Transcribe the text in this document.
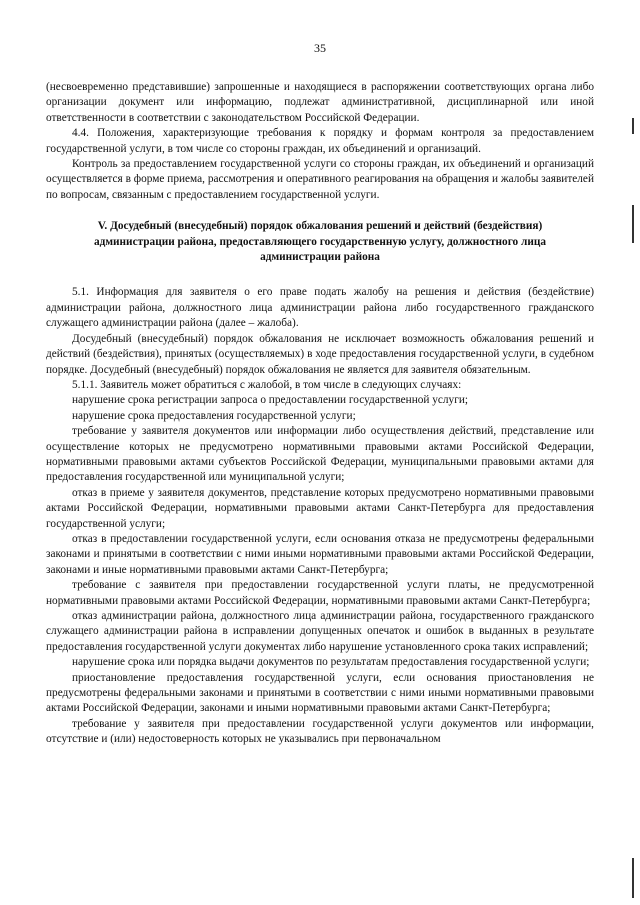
35

(несвоевременно представившие) запрошенные и находящиеся в распоряжении соответствующих органа либо организации документ или информацию, подлежат административной, дисциплинарной или иной ответственности в соответствии с законодательством Российской Федерации.

4.4. Положения, характеризующие требования к порядку и формам контроля за предоставлением государственной услуги, в том числе со стороны граждан, их объединений и организаций.

Контроль за предоставлением государственной услуги со стороны граждан, их объединений и организаций осуществляется в форме приема, рассмотрения и оперативного реагирования на обращения и жалобы заявителей по вопросам, связанным с предоставлением государственной услуги.

V. Досудебный (внесудебный) порядок обжалования решений и действий (бездействия) администрации района, предоставляющего государственную услугу, должностного лица администрации района

5.1. Информация для заявителя о его праве подать жалобу на решения и действия (бездействие) администрации района, должностного лица администрации района либо государственного гражданского служащего администрации района (далее – жалоба).

Досудебный (внесудебный) порядок обжалования не исключает возможность обжалования решений и действий (бездействия), принятых (осуществляемых) в ходе предоставления государственной услуги, в судебном порядке. Досудебный (внесудебный) порядок обжалования не является для заявителя обязательным.

5.1.1. Заявитель может обратиться с жалобой, в том числе в следующих случаях:

нарушение срока регистрации запроса о предоставлении государственной услуги;

нарушение срока предоставления государственной услуги;

требование у заявителя документов или информации либо осуществления действий, представление или осуществление которых не предусмотрено нормативными правовыми актами Российской Федерации, нормативными правовыми актами субъектов Российской Федерации, муниципальными правовыми актами для предоставления государственной или муниципальной услуги;

отказ в приеме у заявителя документов, представление которых предусмотрено нормативными правовыми актами Российской Федерации, нормативными правовыми актами Санкт-Петербурга для предоставления государственной услуги;

отказ в предоставлении государственной услуги, если основания отказа не предусмотрены федеральными законами и принятыми в соответствии с ними иными нормативными правовыми актами Российской Федерации, законами и иные нормативными правовыми актами Санкт-Петербурга;

требование с заявителя при предоставлении государственной услуги платы, не предусмотренной нормативными правовыми актами Российской Федерации, нормативными правовыми актами Санкт-Петербурга;

отказ администрации района, должностного лица администрации района, государственного гражданского служащего администрации района в исправлении допущенных опечаток и ошибок в выданных в результате предоставления государственной услуги документах либо нарушение установленного срока таких исправлений;

нарушение срока или порядка выдачи документов по результатам предоставления государственной услуги;

приостановление предоставления государственной услуги, если основания приостановления не предусмотрены федеральными законами и принятыми в соответствии с ними иными нормативными правовыми актами Российской Федерации, законами и иными нормативными правовыми актами Санкт-Петербурга;

требование у заявителя при предоставлении государственной услуги документов или информации, отсутствие и (или) недостоверность которых не указывались при первоначальном
